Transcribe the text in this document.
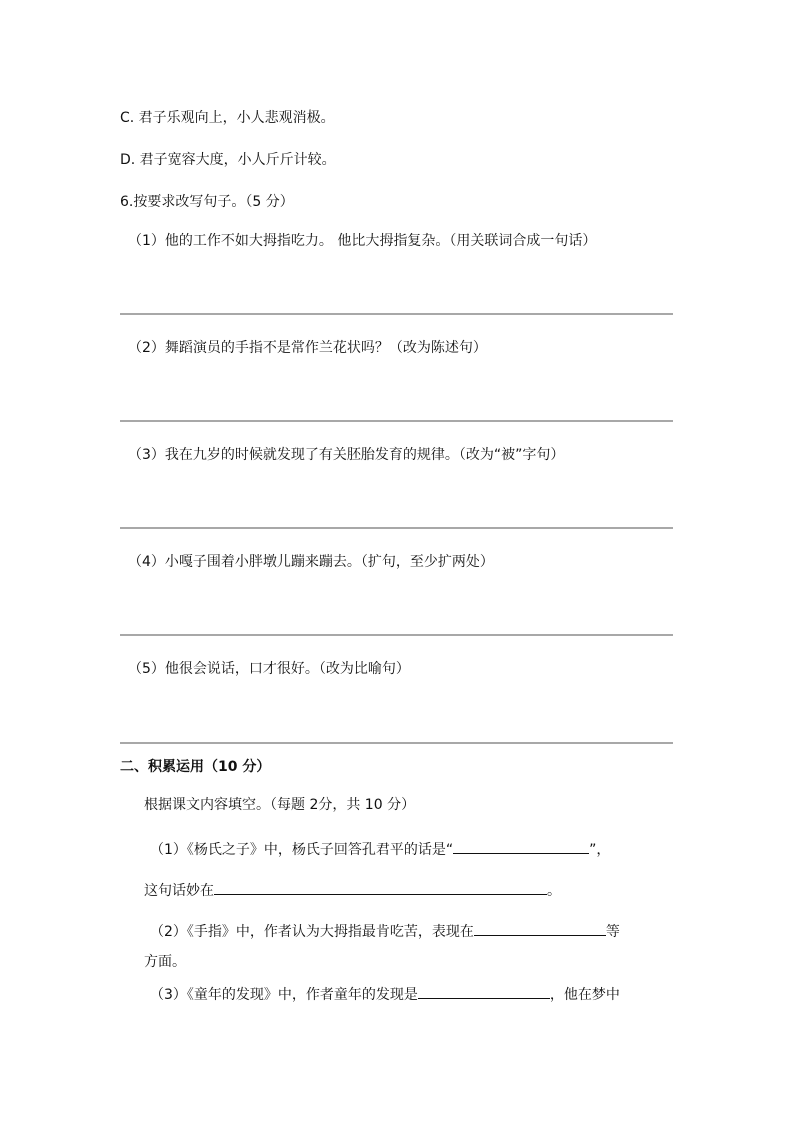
C. 君子乐观向上，小人悲观消极。
D. 君子宽容大度，小人斤斤计较。
6.按要求改写句子。（5 分）
（1）他的工作不如大拇指吃力。 他比大拇指复杂。（用关联词合成一句话）
（2）舞蹈演员的手指不是常作兰花状吗？（改为陈述句）
（3）我在九岁的时候就发现了有关胚胎发育的规律。（改为“被”字句）
（4）小嘎子围着小胖墩儿蹦来蹦去。（扩句，至少扩两处）
（5）他很会说话，口才很好。（改为比喻句）
二、积累运用（10 分）
根据课文内容填空。（每题 2分，共 10 分）
（1）《杨氏之子》中，杨氏子回答孔君平的话是“	”，
这句话妙在	。
（2）《手指》中，作者认为大拇指最肯吃苦，表现在	等
方面。
（3）《童年的发现》中，作者童年的发现是	，他在梦中
